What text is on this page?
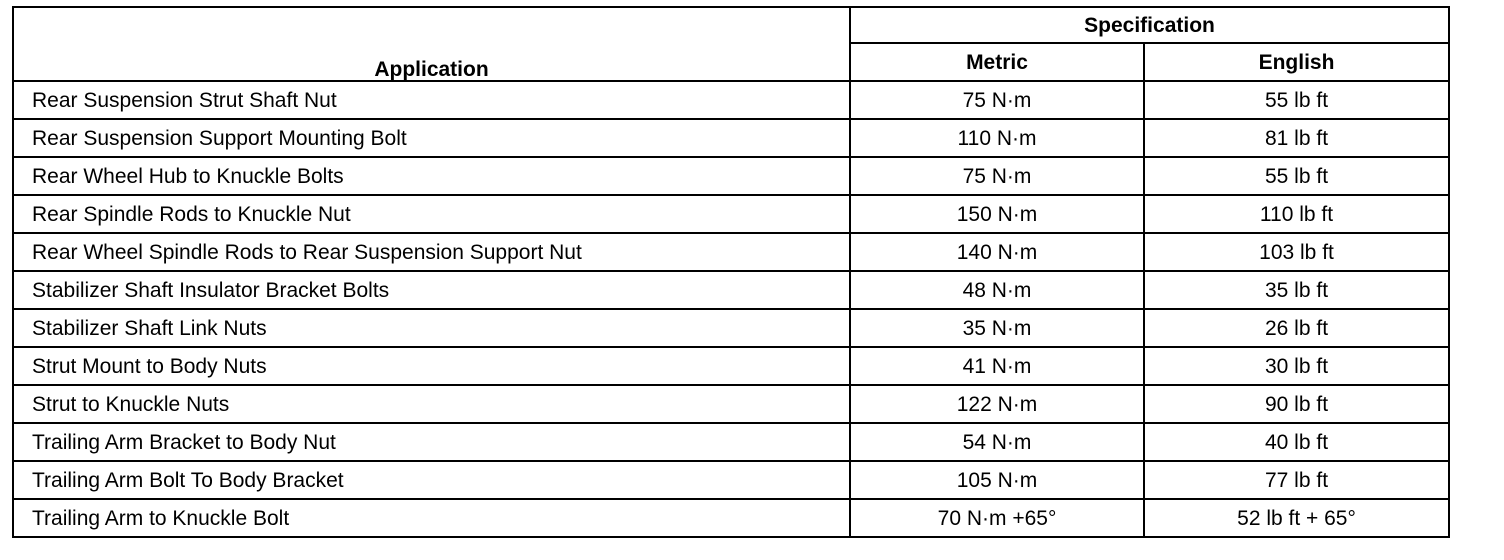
Application	Specification	
	Metric	English
Rear Suspension Strut Shaft Nut	75 N·m	55 lb ft
Rear Suspension Support Mounting Bolt	110 N·m	81 lb ft
Rear Wheel Hub to Knuckle Bolts	75 N·m	55 lb ft
Rear Spindle Rods to Knuckle Nut	150 N·m	110 lb ft
Rear Wheel Spindle Rods to Rear Suspension Support Nut	140 N·m	103 lb ft
Stabilizer Shaft Insulator Bracket Bolts	48 N·m	35 lb ft
Stabilizer Shaft Link Nuts	35 N·m	26 lb ft
Strut Mount to Body Nuts	41 N·m	30 lb ft
Strut to Knuckle Nuts	122 N·m	90 lb ft
Trailing Arm Bracket to Body Nut	54 N·m	40 lb ft
Trailing Arm Bolt To Body Bracket	105 N·m	77 lb ft
Trailing Arm to Knuckle Bolt	70 N·m +65°	52 lb ft + 65°
